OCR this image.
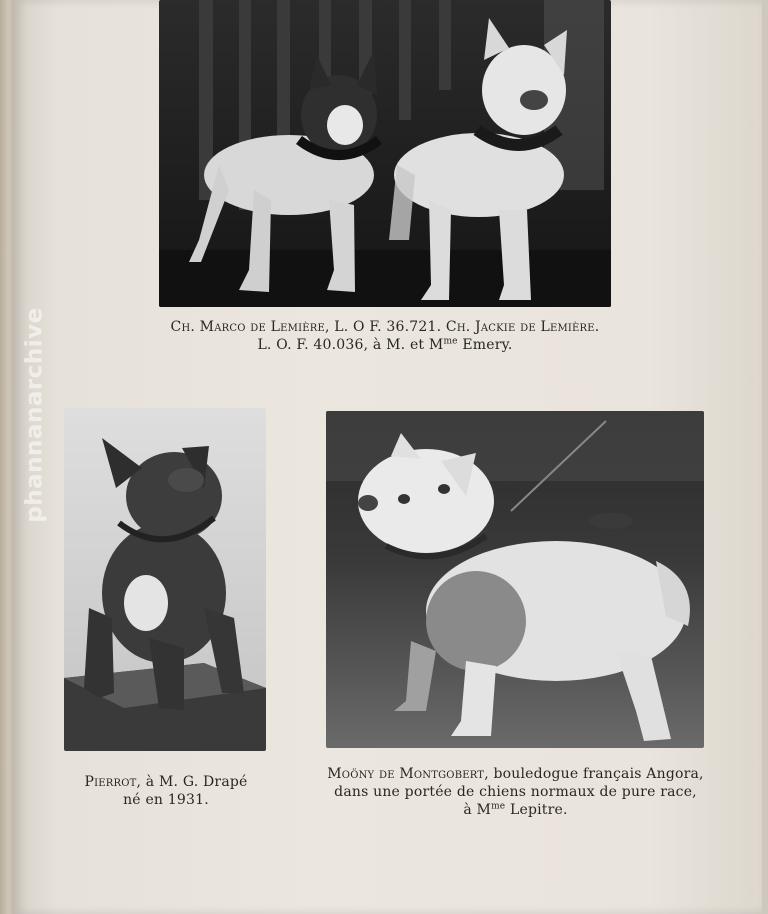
Ch. Marco de Lemière, L. O F. 36.721. Ch. Jackie de Lemière.
L. O. F. 40.036, à M. et $M^{me}$ Emery.
Pierrot, à M. G. Drapé
né en 1931.
Moöny de Montgobert, bouledogue français Angora,
dans une portée de chiens normaux de pure race,
à $M^{me}$ Lepitre.
phannanarchive
